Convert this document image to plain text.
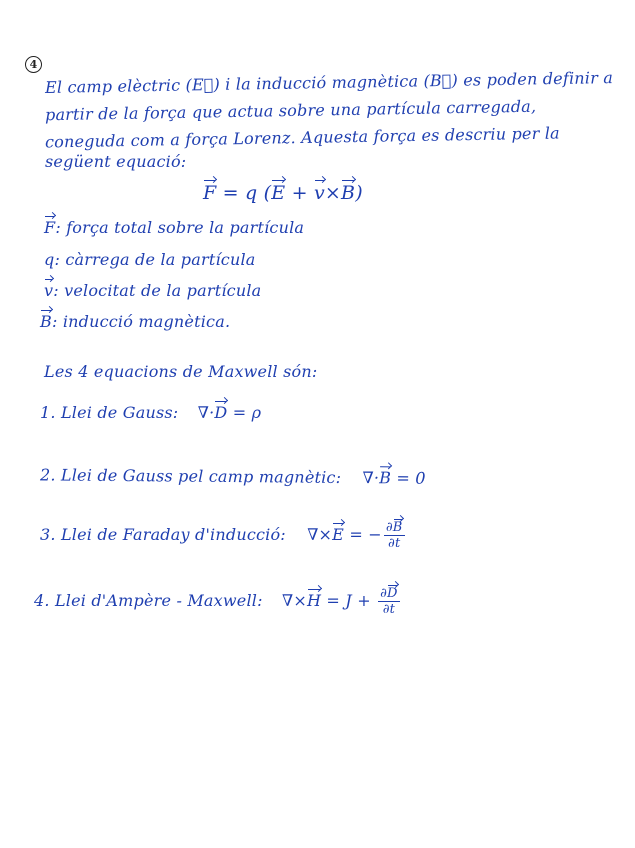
4
El camp elèctric (E⃗) i la inducció magnètica (B⃗) es poden definir a
partir de la força que actua sobre una partícula carregada,
coneguda com a força Lorenz. Aquesta força es descriu per la
següent equació:
F = q (E + v×B)
F: força total sobre la partícula
q: càrrega de la partícula
v: velocitat de la partícula
B: inducció magnètica.
Les 4 equacions de Maxwell són:
1. Llei de Gauss: ∇·D = ρ
2. Llei de Gauss pel camp magnètic: ∇·B = 0
3. Llei de Faraday d'inducció: ∇×E = − $\frac{\partial B}{\partial t}$
4. Llei d'Ampère - Maxwell: $\nabla\times H = J + \frac{\partial D}{\partial t}$
